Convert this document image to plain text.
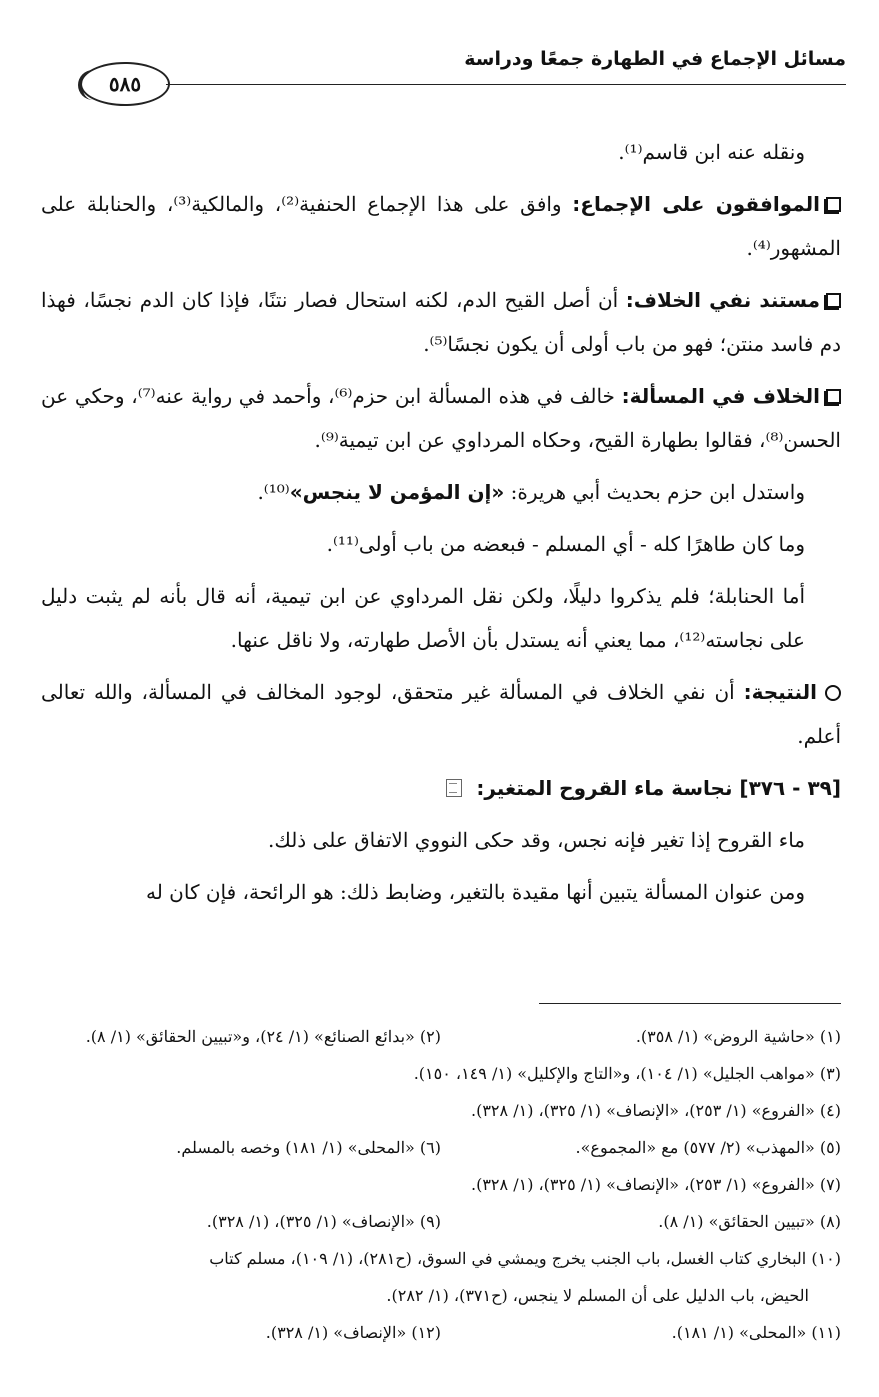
مسائل الإجماع في الطهارة جمعًا ودراسة
٥٨٥

ونقله عنه ابن قاسم⁽¹⁾.

الموافقون على الإجماع: وافق على هذا الإجماع الحنفية⁽²⁾، والمالكية⁽³⁾، والحنابلة على المشهور⁽⁴⁾.

مستند نفي الخلاف: أن أصل القيح الدم، لكنه استحال فصار نتنًا، فإذا كان الدم نجسًا، فهذا دم فاسد منتن؛ فهو من باب أولى أن يكون نجسًا⁽⁵⁾.

الخلاف في المسألة: خالف في هذه المسألة ابن حزم⁽⁶⁾، وأحمد في رواية عنه⁽⁷⁾، وحكي عن الحسن⁽⁸⁾، فقالوا بطهارة القيح، وحكاه المرداوي عن ابن تيمية⁽⁹⁾.

واستدل ابن حزم بحديث أبي هريرة: «إن المؤمن لا ينجس»⁽¹⁰⁾.

وما كان طاهرًا كله - أي المسلم - فبعضه من باب أولى⁽¹¹⁾.

أما الحنابلة؛ فلم يذكروا دليلًا، ولكن نقل المرداوي عن ابن تيمية، أنه قال بأنه لم يثبت دليل على نجاسته⁽¹²⁾، مما يعني أنه يستدل بأن الأصل طهارته، ولا ناقل عنها.

النتيجة: أن نفي الخلاف في المسألة غير متحقق، لوجود المخالف في المسألة، والله تعالى أعلم.

[٣٩ - ٣٧٦] نجاسة ماء القروح المتغير:

ماء القروح إذا تغير فإنه نجس، وقد حكى النووي الاتفاق على ذلك.

ومن عنوان المسألة يتبين أنها مقيدة بالتغير، وضابط ذلك: هو الرائحة، فإن كان له

(١) «حاشية الروض» (١/ ٣٥٨).
(٢) «بدائع الصنائع» (١/ ٢٤)، و«تبيين الحقائق» (١/ ٨).
(٣) «مواهب الجليل» (١/ ١٠٤)، و«التاج والإكليل» (١/ ١٤٩، ١٥٠).
(٤) «الفروع» (١/ ٢٥٣)، «الإنصاف» (١/ ٣٢٥)، (١/ ٣٢٨).
(٥) «المهذب» (٢/ ٥٧٧) مع «المجموع».
(٦) «المحلى» (١/ ١٨١) وخصه بالمسلم.
(٧) «الفروع» (١/ ٢٥٣)، «الإنصاف» (١/ ٣٢٥)، (١/ ٣٢٨).
(٨) «تبيين الحقائق» (١/ ٨).
(٩) «الإنصاف» (١/ ٣٢٥)، (١/ ٣٢٨).
(١٠) البخاري كتاب الغسل، باب الجنب يخرج ويمشي في السوق، (ح٢٨١)، (١/ ١٠٩)، مسلم كتاب
الحيض، باب الدليل على أن المسلم لا ينجس، (ح٣٧١)، (١/ ٢٨٢).
(١١) «المحلى» (١/ ١٨١).
(١٢) «الإنصاف» (١/ ٣٢٨).
